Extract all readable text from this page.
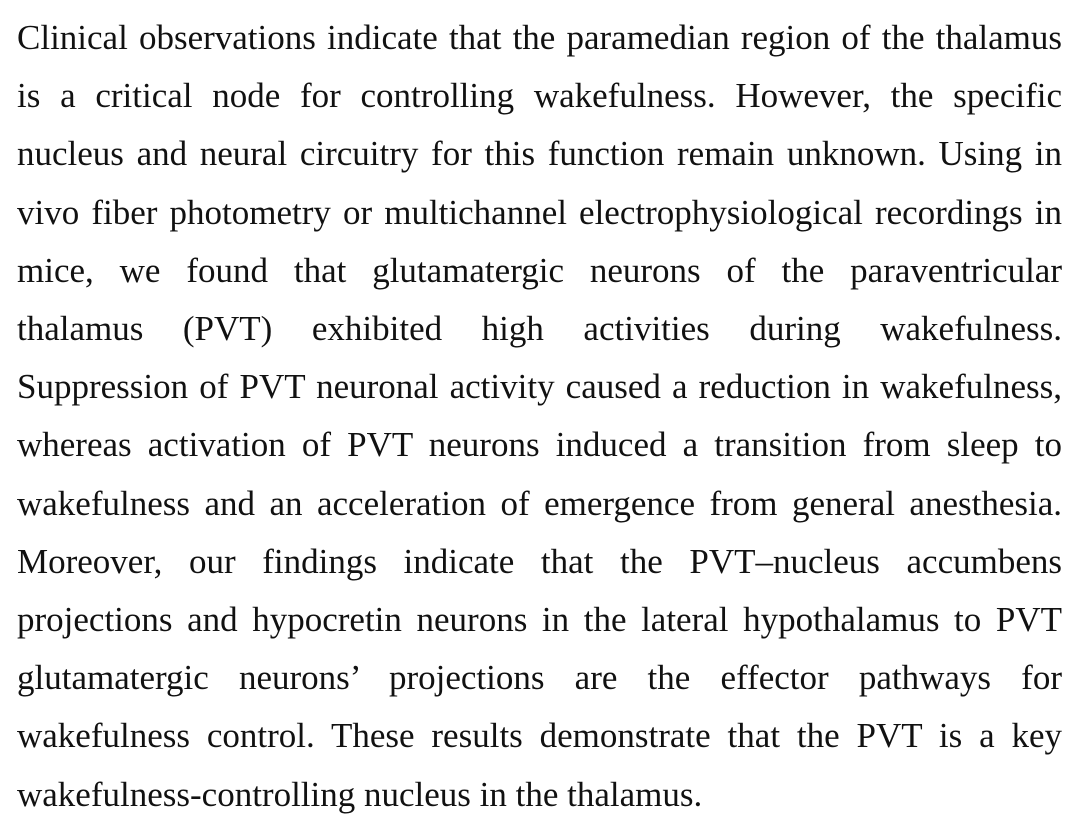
Clinical observations indicate that the paramedian region of the thalamus
is a critical node for controlling wakefulness. However, the specific
nucleus and neural circuitry for this function remain unknown. Using in
vivo fiber photometry or multichannel electrophysiological recordings in
mice, we found that glutamatergic neurons of the paraventricular
thalamus (PVT) exhibited high activities during wakefulness.
Suppression of PVT neuronal activity caused a reduction in wakefulness,
whereas activation of PVT neurons induced a transition from sleep to
wakefulness and an acceleration of emergence from general anesthesia.
Moreover, our findings indicate that the PVT–nucleus accumbens
projections and hypocretin neurons in the lateral hypothalamus to PVT
glutamatergic neurons’ projections are the effector pathways for
wakefulness control. These results demonstrate that the PVT is a key
wakefulness-controlling nucleus in the thalamus.
